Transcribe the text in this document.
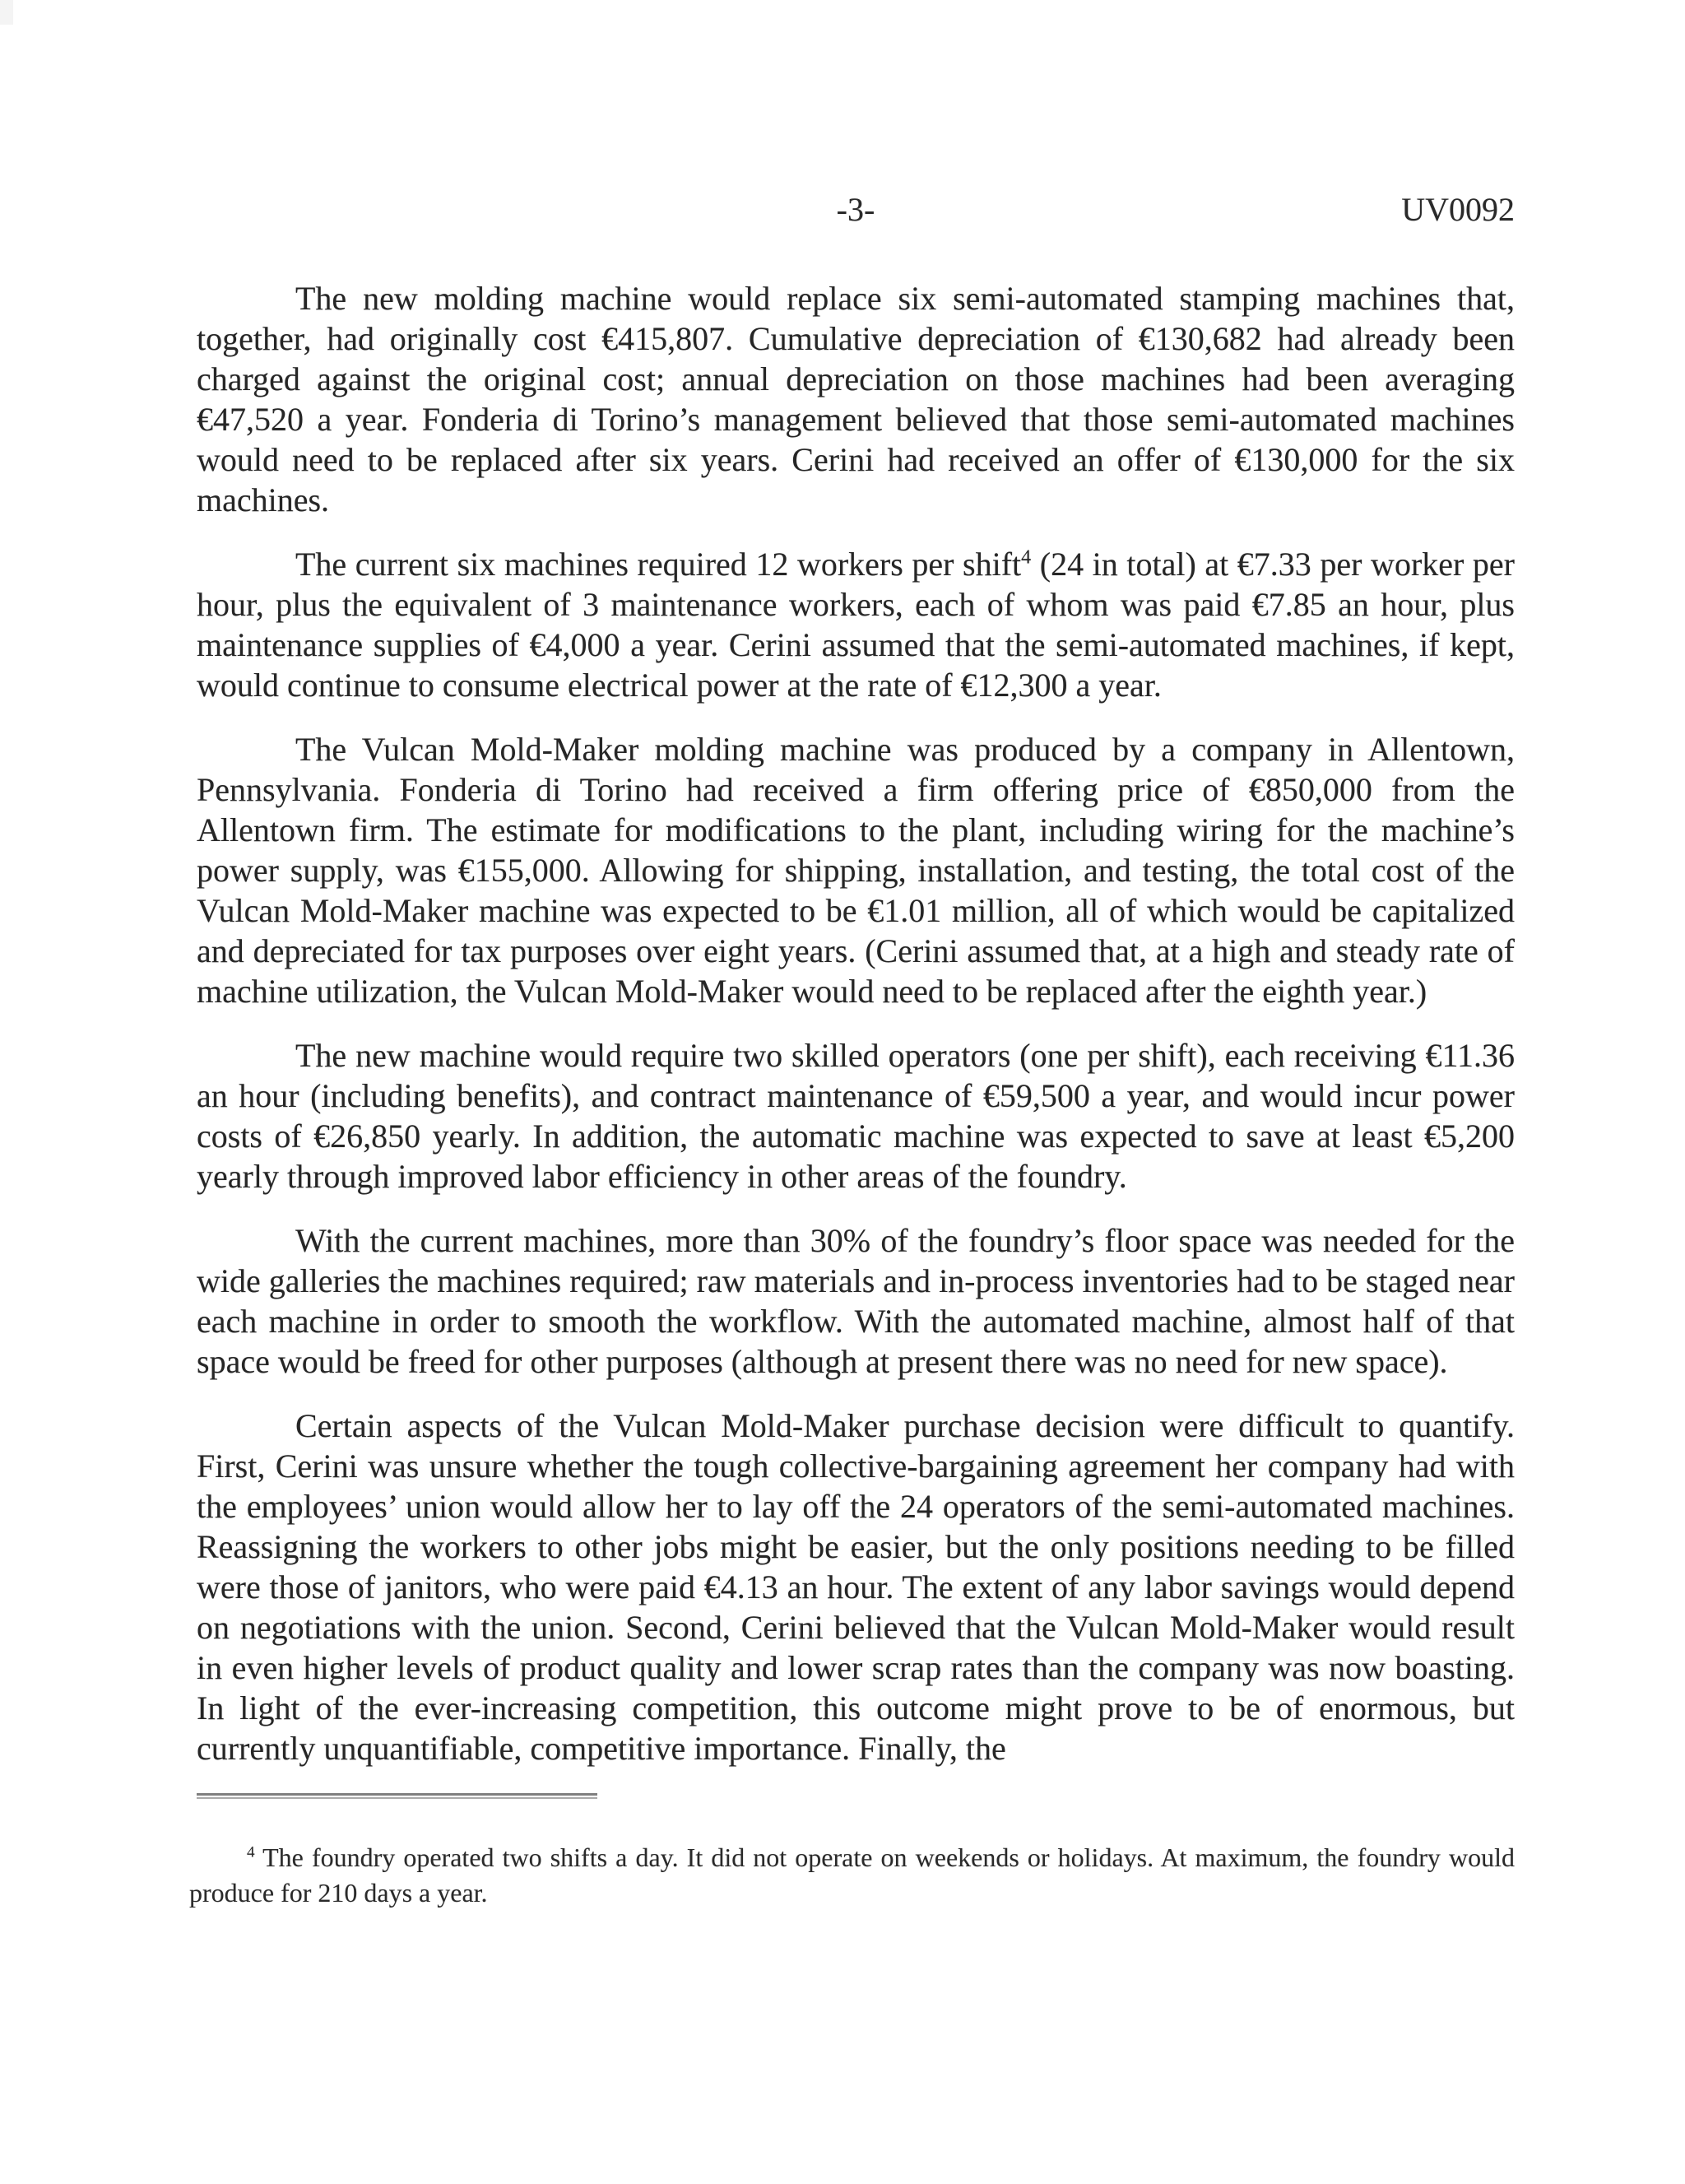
-3-	UV0092

The new molding machine would replace six semi-automated stamping machines that, together, had originally cost €415,807. Cumulative depreciation of €130,682 had already been charged against the original cost; annual depreciation on those machines had been averaging €47,520 a year. Fonderia di Torino’s management believed that those semi-automated machines would need to be replaced after six years. Cerini had received an offer of €130,000 for the six machines.

The current six machines required 12 workers per shift$^4$ (24 in total) at €7.33 per worker per hour, plus the equivalent of 3 maintenance workers, each of whom was paid €7.85 an hour, plus maintenance supplies of €4,000 a year. Cerini assumed that the semi-automated machines, if kept, would continue to consume electrical power at the rate of €12,300 a year.

The Vulcan Mold-Maker molding machine was produced by a company in Allentown, Pennsylvania. Fonderia di Torino had received a firm offering price of €850,000 from the Allentown firm. The estimate for modifications to the plant, including wiring for the machine’s power supply, was €155,000. Allowing for shipping, installation, and testing, the total cost of the Vulcan Mold-Maker machine was expected to be €1.01 million, all of which would be capitalized and depreciated for tax purposes over eight years. (Cerini assumed that, at a high and steady rate of machine utilization, the Vulcan Mold-Maker would need to be replaced after the eighth year.)

The new machine would require two skilled operators (one per shift), each receiving €11.36 an hour (including benefits), and contract maintenance of €59,500 a year, and would incur power costs of €26,850 yearly. In addition, the automatic machine was expected to save at least €5,200 yearly through improved labor efficiency in other areas of the foundry.

With the current machines, more than 30% of the foundry’s floor space was needed for the wide galleries the machines required; raw materials and in-process inventories had to be staged near each machine in order to smooth the workflow. With the automated machine, almost half of that space would be freed for other purposes (although at present there was no need for new space).

Certain aspects of the Vulcan Mold-Maker purchase decision were difficult to quantify. First, Cerini was unsure whether the tough collective-bargaining agreement her company had with the employees’ union would allow her to lay off the 24 operators of the semi-automated machines. Reassigning the workers to other jobs might be easier, but the only positions needing to be filled were those of janitors, who were paid €4.13 an hour. The extent of any labor savings would depend on negotiations with the union. Second, Cerini believed that the Vulcan Mold-Maker would result in even higher levels of product quality and lower scrap rates than the company was now boasting. In light of the ever-increasing competition, this outcome might prove to be of enormous, but currently unquantifiable, competitive importance. Finally, the

$^4$ The foundry operated two shifts a day. It did not operate on weekends or holidays. At maximum, the foundry would produce for 210 days a year.
